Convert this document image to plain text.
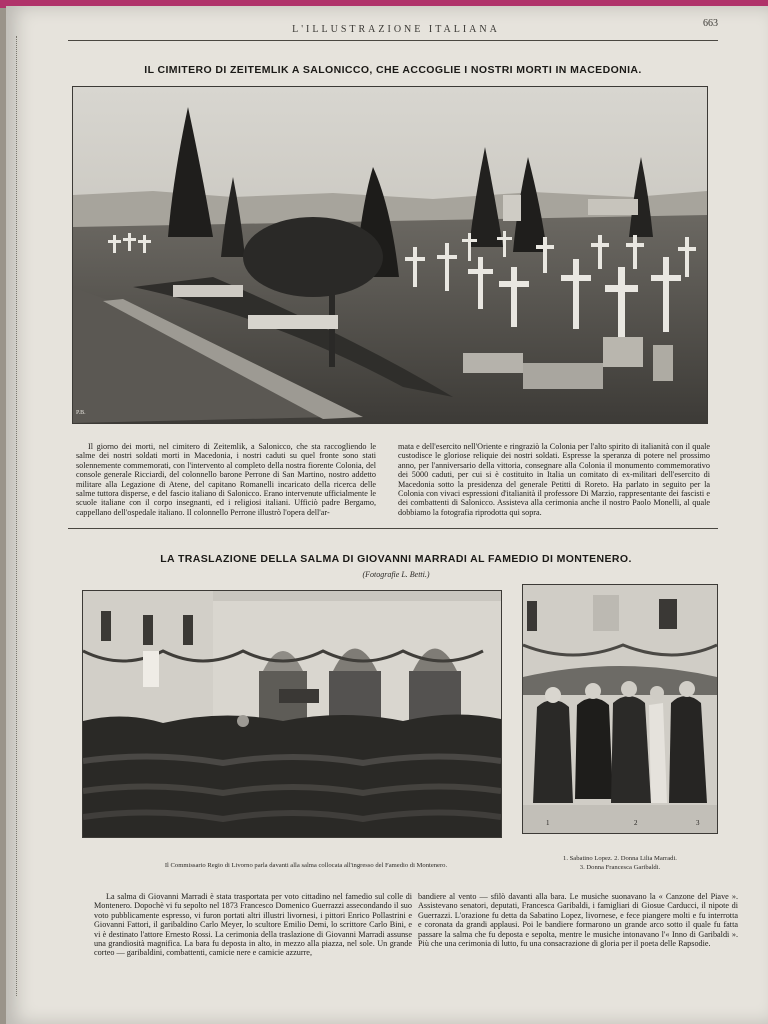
L'ILLUSTRAZIONE ITALIANA
663
IL CIMITERO DI ZEITEMLIK A SALONICCO, CHE ACCOGLIE I NOSTRI MORTI IN MACEDONIA.
P.B.
Il giorno dei morti, nel cimitero di Zeitemlik, a Salonicco, che sta raccogliendo le salme dei nostri soldati morti in Macedonia, i nostri caduti su quel fronte sono stati solennemente commemorati, con l'intervento al completo della nostra fiorente Colonia, del console generale Ricciardi, del colonnello barone Perrone di San Martino, nostro addetto militare alla Legazione di Atene, del capitano Romanelli incaricato della ricerca delle salme tuttora disperse, e del fascio italiano di Salonicco. Erano intervenute ufficialmente le scuole italiane con il corpo insegnanti, ed i religiosi italiani. Ufficiò padre Bergamo, cappellano dell'ospedale italiano. Il colonnello Perrone illustrò l'opera dell'ar-
mata e dell'esercito nell'Oriente e ringraziò la Colonia per l'alto spirito di italianità con il quale custodisce le gloriose reliquie dei nostri soldati. Espresse la speranza di potere nel prossimo anno, per l'anniversario della vittoria, consegnare alla Colonia il monumento commemorativo dei 5000 caduti, per cui si è costituito in Italia un comitato di ex-militari dell'esercito di Macedonia sotto la presidenza del generale Petitti di Roreto. Ha parlato in seguito per la Colonia con vivaci espressioni d'italianità il professore Di Marzio, rappresentante dei fascisti e dei combattenti di Salonicco. Assisteva alla cerimonia anche il nostro Paolo Monelli, al quale dobbiamo la fotografia riprodotta qui sopra.
LA TRASLAZIONE DELLA SALMA DI GIOVANNI MARRADI AL FAMEDIO DI MONTENERO.
(Fotografie L. Betti.)
Il Commissario Regio di Livorno parla davanti alla salma collocata all'ingresso del Famedio di Montenero.
1	2	3
1. Sabatino Lopez. 2. Donna Lilia Marradi.
3. Donna Francesca Garibaldi.
La salma di Giovanni Marradi è stata trasportata per voto cittadino nel famedio sul colle di Montenero. Dopochè vi fu sepolto nel 1873 Francesco Domenico Guerrazzi assecondando il suo voto pubblicamente espresso, vi furon portati altri illustri livornesi, i pittori Enrico Pollastrini e Giovanni Fattori, il garibaldino Carlo Meyer, lo scultore Emilio Demi, lo scrittore Carlo Bini, e vi è destinato l'attore Ernesto Rossi. La cerimonia della traslazione di Giovanni Marradi assunse una grandiosità magnifica. La bara fu deposta in alto, in mezzo alla piazza, nel sole. Un grande corteo — garibaldini, combattenti, camicie nere e camicie azzurre,
bandiere al vento — sfilò davanti alla bara. Le musiche suonavano la « Canzone del Piave ». Assistevano senatori, deputati, Francesca Garibaldi, i famigliari di Giosue Carducci, il nipote di Guerrazzi. L'orazione fu detta da Sabatino Lopez, livornese, e fece piangere molti e fu interrotta e coronata da grandi applausi. Poi le bandiere formarono un grande arco sotto il quale fu fatta passare la salma che fu deposta e sepolta, mentre le musiche intonavano l'« Inno di Garibaldi ». Più che una cerimonia di lutto, fu una consacrazione di gloria per il poeta delle Rapsodie.
